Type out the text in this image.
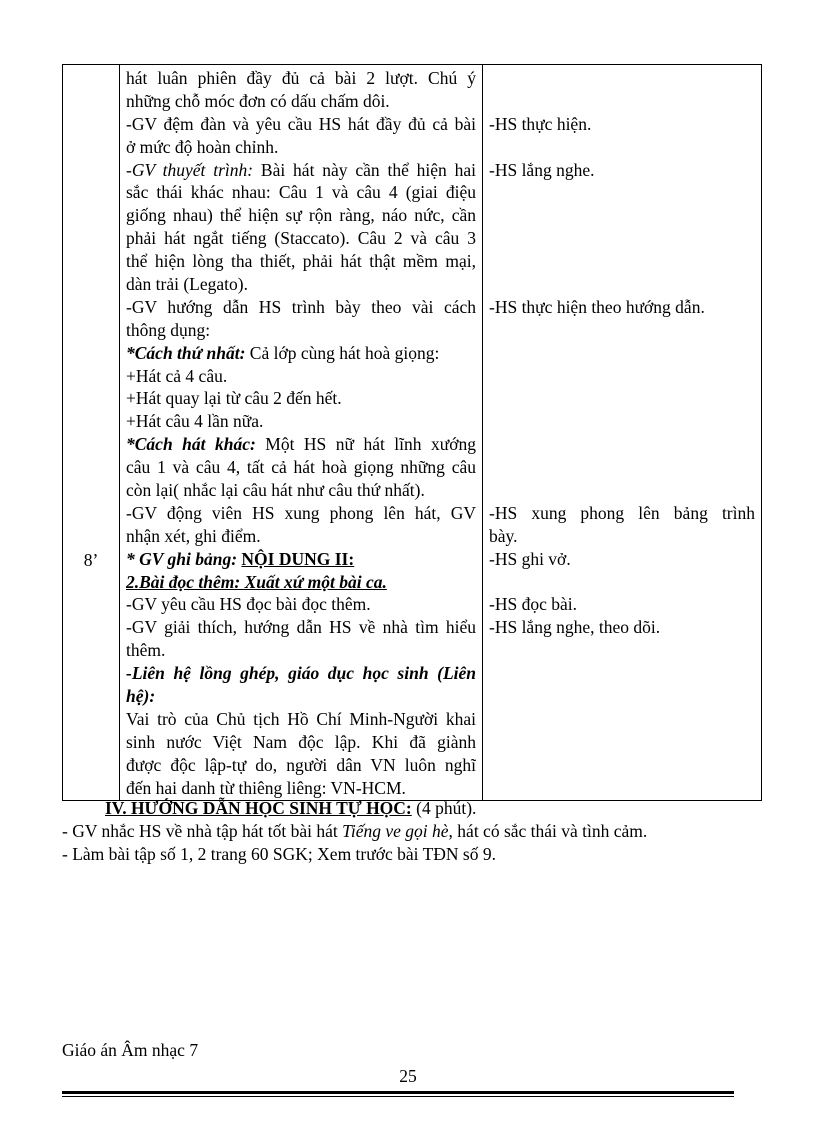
8’

hát luân phiên đầy đủ cả bài 2 lượt. Chú ý
những chỗ móc đơn có dấu chấm dôi.
-GV đệm đàn và yêu cầu HS hát đầy đủ cả bài
ở mức độ hoàn chỉnh.
-GV thuyết trình: Bài hát này cần thể hiện hai
sắc thái khác nhau: Câu 1 và câu 4 (giai điệu
giống nhau) thể hiện sự rộn ràng, náo nức, cần
phải hát ngắt tiếng (Staccato). Câu 2 và câu 3
thể hiện lòng tha thiết, phải hát thật mềm mại,
dàn trải (Legato).
-GV hướng dẫn HS trình bày theo vài cách
thông dụng:
*Cách thứ nhất: Cả lớp cùng hát hoà giọng:
+Hát cả 4 câu.
+Hát quay lại từ câu 2 đến hết.
+Hát câu 4 lần nữa.
*Cách hát khác: Một HS nữ hát lĩnh xướng
câu 1 và câu 4, tất cả hát hoà giọng những câu
còn lại( nhắc lại câu hát như câu thứ nhất).
-GV động viên HS xung phong lên hát, GV
nhận xét, ghi điểm.
* GV ghi bảng: NỘI DUNG II:
2.Bài đọc thêm: Xuất xứ một bài ca.
-GV yêu cầu HS đọc bài đọc thêm.
-GV giải thích, hướng dẫn HS về nhà tìm hiểu
thêm.
-Liên hệ lồng ghép, giáo dục học sinh (Liên
hệ):
Vai trò của Chủ tịch Hồ Chí Minh-Người khai
sinh nước Việt Nam độc lập. Khi đã giành
được độc lập-tự do, người dân VN luôn nghĩ
đến hai danh từ thiêng liêng: VN-HCM.

-HS thực hiện.
-HS lắng nghe.
-HS thực hiện theo hướng dẫn.
-HS xung phong lên bảng trình
bày.
-HS ghi vở.
-HS đọc bài.
-HS lắng nghe, theo dõi.
IV. HƯỚNG DẪN HỌC SINH TỰ HỌC: (4 phút).
- GV nhắc HS về nhà tập hát tốt bài hát Tiếng ve gọi hè, hát có sắc thái và tình cảm.
- Làm bài tập số 1, 2 trang 60 SGK; Xem trước bài TĐN số 9.
Giáo án Âm nhạc 7
25
